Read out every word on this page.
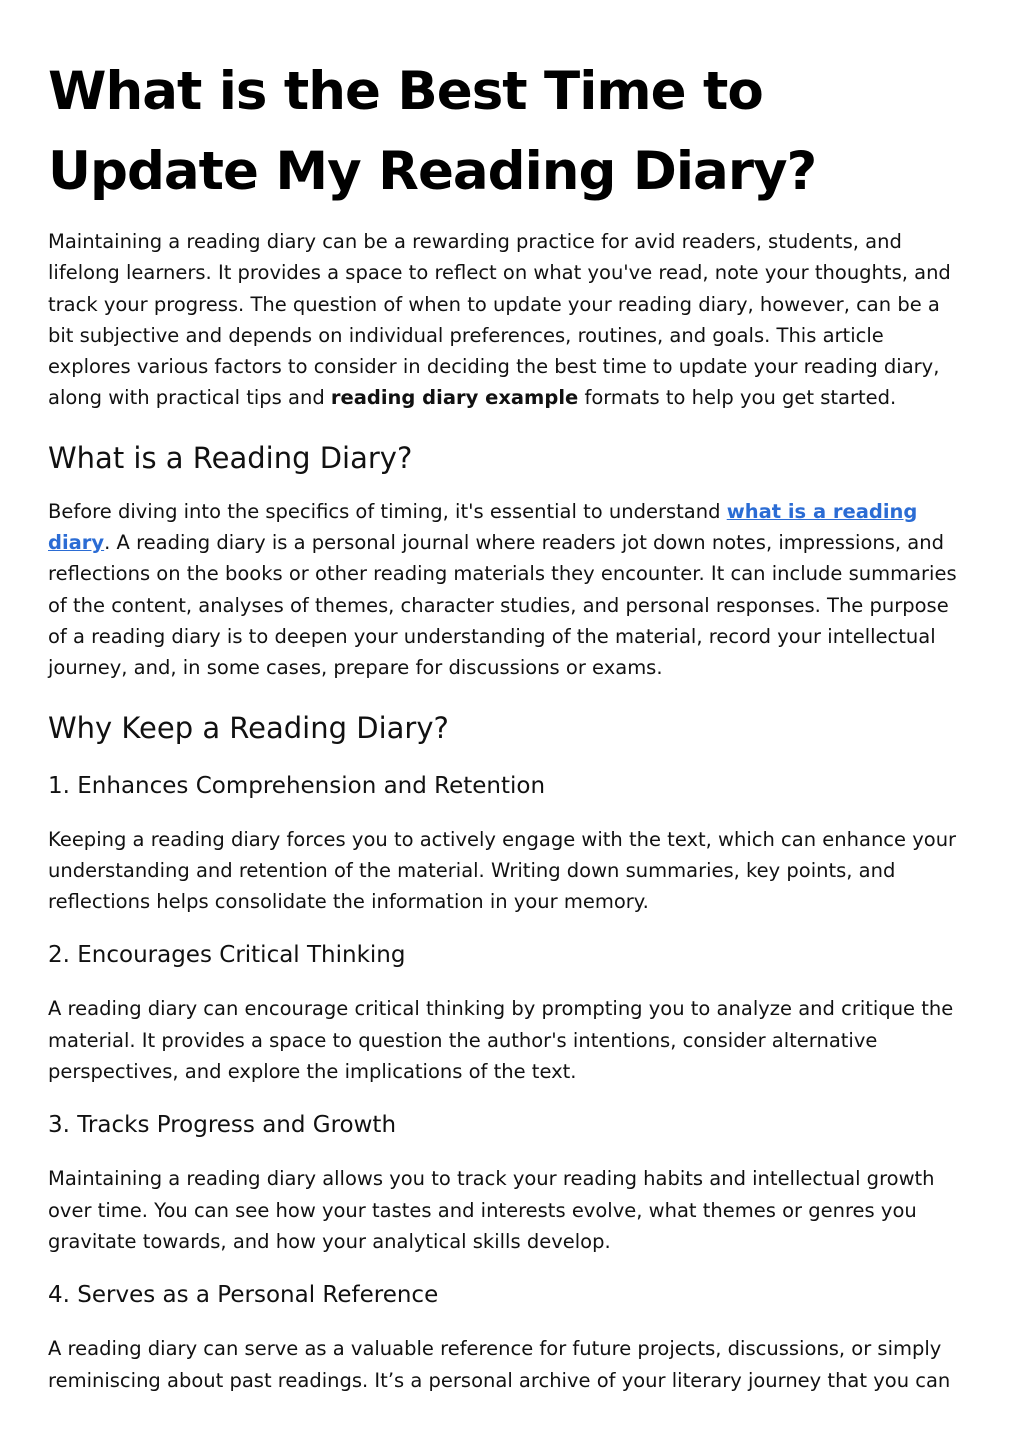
What is the Best Time to Update My Reading Diary?

Maintaining a reading diary can be a rewarding practice for avid readers, students, and lifelong learners. It provides a space to reflect on what you've read, note your thoughts, and track your progress. The question of when to update your reading diary, however, can be a bit subjective and depends on individual preferences, routines, and goals. This article explores various factors to consider in deciding the best time to update your reading diary, along with practical tips and reading diary example formats to help you get started.

What is a Reading Diary?

Before diving into the specifics of timing, it's essential to understand what is a reading diary. A reading diary is a personal journal where readers jot down notes, impressions, and reflections on the books or other reading materials they encounter. It can include summaries of the content, analyses of themes, character studies, and personal responses. The purpose of a reading diary is to deepen your understanding of the material, record your intellectual journey, and, in some cases, prepare for discussions or exams.

Why Keep a Reading Diary?
1. Enhances Comprehension and Retention

Keeping a reading diary forces you to actively engage with the text, which can enhance your understanding and retention of the material. Writing down summaries, key points, and reflections helps consolidate the information in your memory.

2. Encourages Critical Thinking

A reading diary can encourage critical thinking by prompting you to analyze and critique the material. It provides a space to question the author's intentions, consider alternative perspectives, and explore the implications of the text.

3. Tracks Progress and Growth

Maintaining a reading diary allows you to track your reading habits and intellectual growth over time. You can see how your tastes and interests evolve, what themes or genres you gravitate towards, and how your analytical skills develop.

4. Serves as a Personal Reference

A reading diary can serve as a valuable reference for future projects, discussions, or simply reminiscing about past readings. It’s a personal archive of your literary journey that you can
